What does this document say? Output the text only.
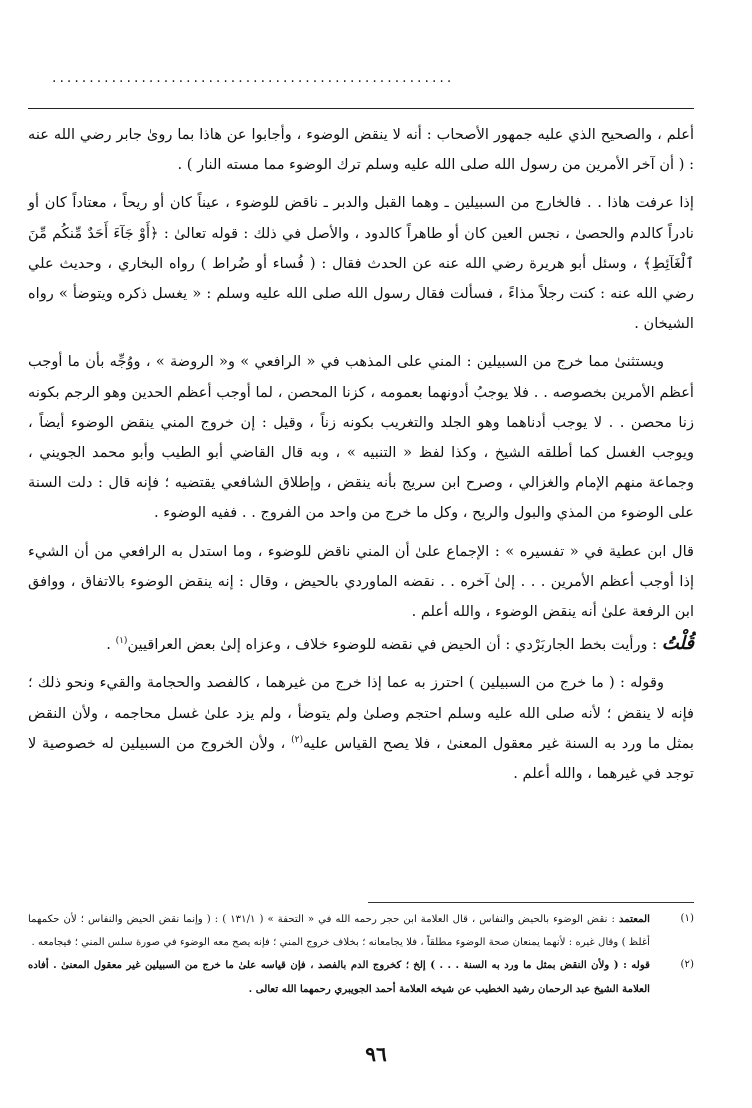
......................................................

أعلم ، والصحيح الذي عليه جمهور الأصحاب : أنه لا ينقض الوضوء ، وأجابوا عن هاذا بما روىٰ جابر رضي الله عنه : ( أن آخر الأمرين من رسول الله صلى الله عليه وسلم ترك الوضوء مما مسته النار ) .

إذا عرفت هاذا . . فالخارج من السبيلين ـ وهما القبل والدبر ـ ناقض للوضوء ، عيناً كان أو ريحاً ، معتاداً كان أو نادراً كالدم والحصىٰ ، نجس العين كان أو طاهراً كالدود ، والأصل في ذلك : قوله تعالىٰ : ﴿أَوْ جَآءَ أَحَدٌ مِّنكُم مِّنَ ٱلْغَآئِطِ﴾ ، وسئل أبو هريرة رضي الله عنه عن الحدث فقال : ( فُساء أو ضُراط ) رواه البخاري ، وحديث علي رضي الله عنه : كنت رجلاً مذاءً ، فسألت فقال رسول الله صلى الله عليه وسلم : « يغسل ذكره ويتوضأ » رواه الشيخان .

ويستثنىٰ مما خرج من السبيلين : المني على المذهب في « الرافعي » و« الروضة » ، ووُجِّه بأن ما أوجب أعظم الأمرين بخصوصه . . فلا يوجبُ أدونهما بعمومه ، كزنا المحصن ، لما أوجب أعظم الحدين وهو الرجم بكونه زنا محصن . . لا يوجب أدناهما وهو الجلد والتغريب بكونه زناً ، وقيل : إن خروج المني ينقض الوضوء أيضاً ، ويوجب الغسل كما أطلقه الشيخ ، وكذا لفظ « التنبيه » ، وبه قال القاضي أبو الطيب وأبو محمد الجويني ، وجماعة منهم الإمام والغزالي ، وصرح ابن سريج بأنه ينقض ، وإطلاق الشافعي يقتضيه ؛ فإنه قال : دلت السنة على الوضوء من المذي والبول والريح ، وكل ما خرج من واحد من الفروج . . ففيه الوضوء .

قال ابن عطية في « تفسيره » : الإجماع علىٰ أن المني ناقض للوضوء ، وما استدل به الرافعي من أن الشيء إذا أوجب أعظم الأمرين . . . إلىٰ آخره . . نقضه الماوردي بالحيض ، وقال : إنه ينقض الوضوء بالاتفاق ، ووافق ابن الرفعة علىٰ أنه ينقض الوضوء ، والله أعلم .

قُلْتُ : ورأيت بخط الجاربَرْدي : أن الحيض في نقضه للوضوء خلاف ، وعزاه إلىٰ بعض العراقيين$^{(١)}$ .

وقوله : ( ما خرج من السبيلين ) احترز به عما إذا خرج من غيرهما ، كالفصد والحجامة والقيء ونحو ذلك ؛ فإنه لا ينقض ؛ لأنه صلى الله عليه وسلم احتجم وصلىٰ ولم يتوضأ ، ولم يزد علىٰ غسل محاجمه ، ولأن النقض بمثل ما ورد به السنة غير معقول المعنىٰ ، فلا يصح القياس عليه$^{(٢)}$ ، ولأن الخروج من السبيلين له خصوصية لا توجد في غيرهما ، والله أعلم .

(١)
المعتمد : نقض الوضوء بالحيض والنفاس ، قال العلامة ابن حجر رحمه الله في « التحفة » ( ١٣١/١ ) : ( وإنما نقض الحيض والنفاس ؛ لأن حكمهما أغلظ ) وقال غيره : لأنهما يمنعان صحة الوضوء مطلقاً ، فلا يجامعانه ؛ بخلاف خروج المني ؛ فإنه يصح معه الوضوء في صورة سلس المني ؛ فيجامعه .
(٢)
قوله : ( ولأن النقض بمثل ما ورد به السنة . . . ) إلخ ؛ كخروج الدم بالفصد ، فإن قياسه علىٰ ما خرج من السبيلين غير معقول المعنىٰ . أفاده العلامة الشيخ عبد الرحمان رشيد الخطيب عن شيخه العلامة أحمد الجويبري رحمهما الله تعالى .
٩٦
